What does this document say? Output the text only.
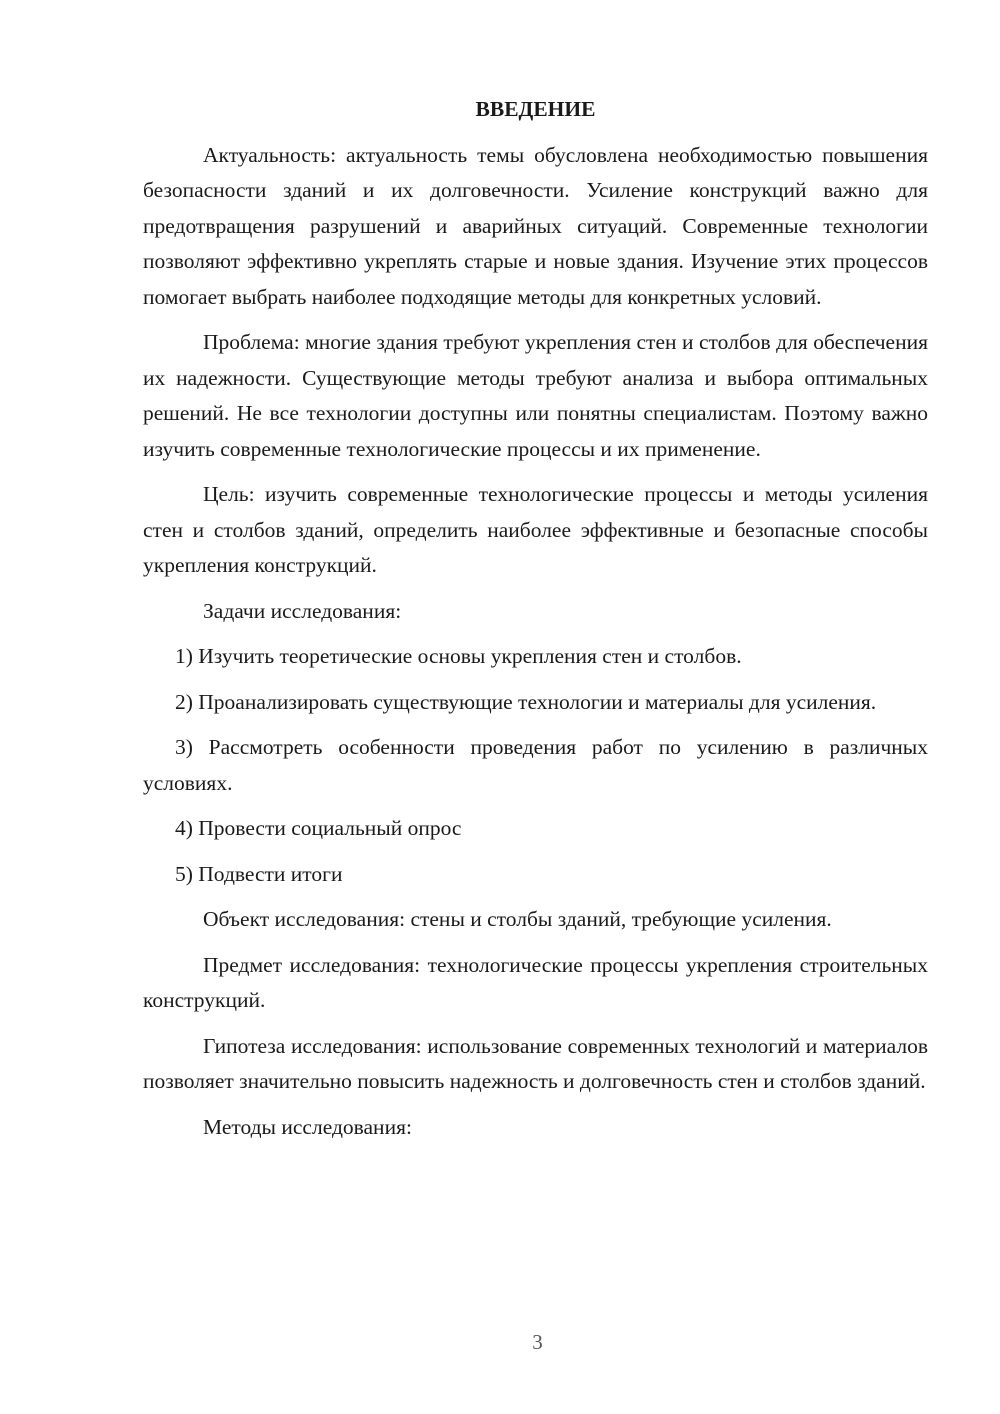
ВВЕДЕНИЕ

Актуальность: актуальность темы обусловлена необходимостью повышения безопасности зданий и их долговечности. Усиление конструкций важно для предотвращения разрушений и аварийных ситуаций. Современные технологии позволяют эффективно укреплять старые и новые здания. Изучение этих процессов помогает выбрать наиболее подходящие методы для конкретных условий.

Проблема: многие здания требуют укрепления стен и столбов для обеспечения их надежности. Существующие методы требуют анализа и выбора оптимальных решений. Не все технологии доступны или понятны специалистам. Поэтому важно изучить современные технологические процессы и их применение.

Цель: изучить современные технологические процессы и методы усиления стен и столбов зданий, определить наиболее эффективные и безопасные способы укрепления конструкций.

Задачи исследования:

1) Изучить теоретические основы укрепления стен и столбов.

2) Проанализировать существующие технологии и материалы для усиления.

3) Рассмотреть особенности проведения работ по усилению в различных условиях.

4) Провести социальный опрос

5) Подвести итоги

Объект исследования: стены и столбы зданий, требующие усиления.

Предмет исследования: технологические процессы укрепления строительных конструкций.

Гипотеза исследования: использование современных технологий и материалов позволяет значительно повысить надежность и долговечность стен и столбов зданий.

Методы исследования:

3
